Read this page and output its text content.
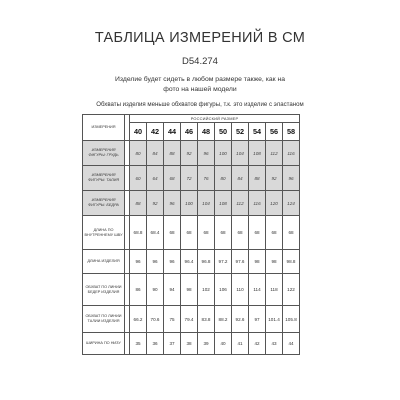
ТАБЛИЦА ИЗМЕРЕНИЙ В СМ
D54.274
Изделие будет сидеть в любом размере также, как на фото на нашей модели
Обхваты изделия меньше обхватов фигуры, т.к. это изделие с эластаном
ИЗМЕРЕНИЯ		РОССИЙСКИЙ РАЗМЕР									
		40	42	44	46	48	50	52	54	56	58
ИЗМЕРЕНИЯ ФИГУРЫ: ГРУДЬ		80	84	88	92	96	100	104	108	112	116
ИЗМЕРЕНИЯ ФИГУРЫ: ТАЛИЯ		60	64	68	72	76	80	84	88	92	96
ИЗМЕРЕНИЯ ФИГУРЫ: БЕДРА		88	92	96	100	104	108	112	116	120	124
ДЛИНА ПО ВНУТРЕННЕМУ ШВУ		68.8	68.4	68	68	68	68	68	68	68	68
ДЛИНА ИЗДЕЛИЯ		96	96	96	96.4	96.8	97.2	97.6	98	98	98.8
ОБХВАТ ПО ЛИНИИ БЕДЕР ИЗДЕЛИЯ		86	90	94	98	102	106	110	114	118	122
ОБХВАТ ПО ЛИНИИ ТАЛИИ ИЗДЕЛИЯ		66.2	70.6	75	79.4	83.8	88.2	92.6	97	101.4	105.8
ШИРИНА ПО НИЗУ		35	36	37	38	39	40	41	42	43	44
